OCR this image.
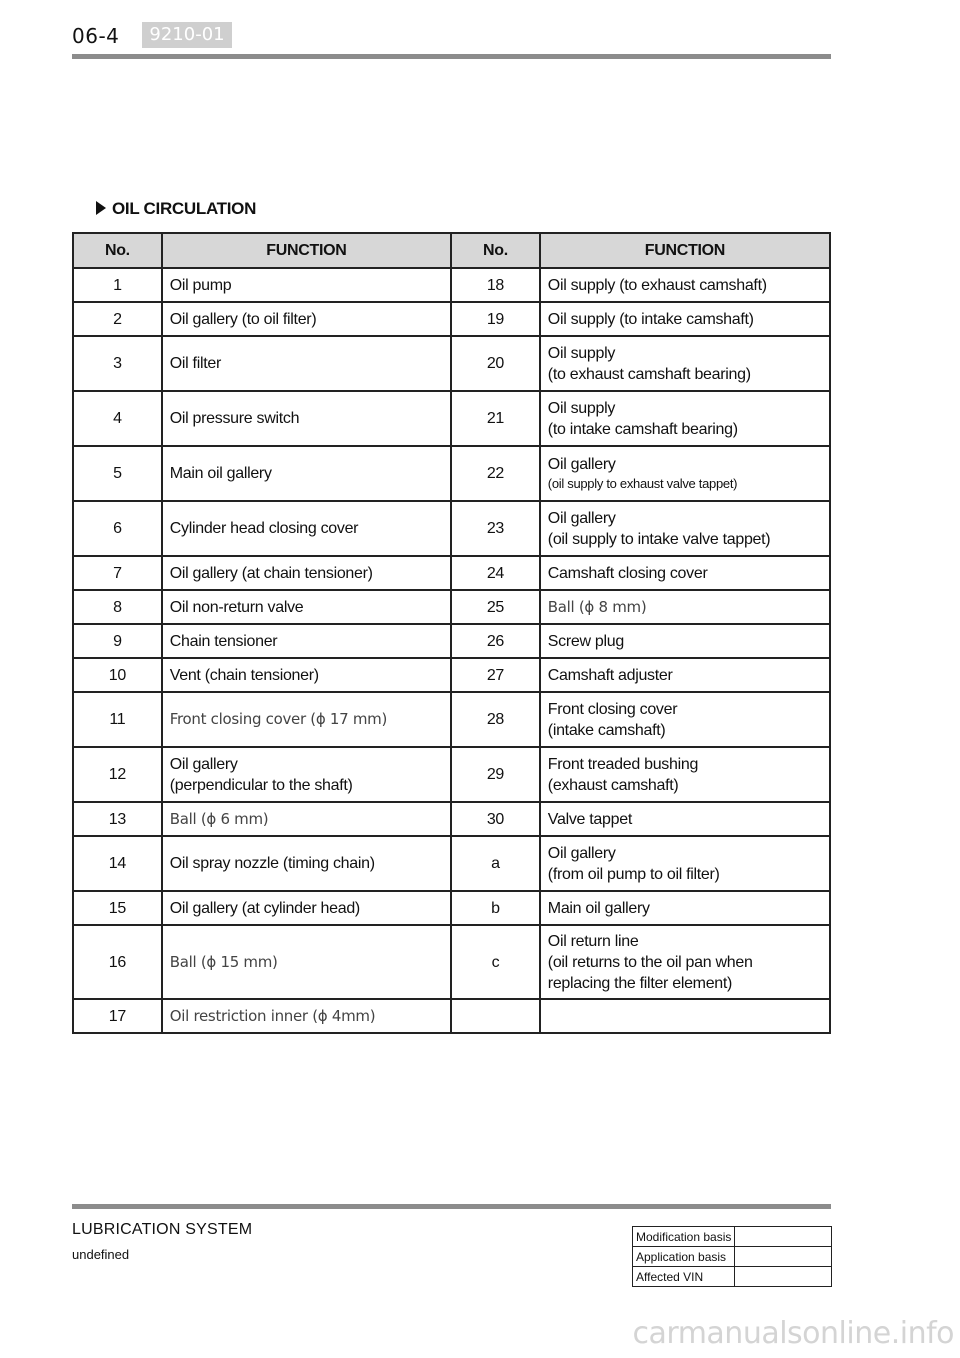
06-4	9210-01
OIL CIRCULATION
No.	FUNCTION	No.	FUNCTION
1	Oil pump	18	Oil supply (to exhaust camshaft)
2	Oil gallery (to oil filter)	19	Oil supply (to intake camshaft)
3	Oil filter	20	Oil supply
(to exhaust camshaft bearing)
4	Oil pressure switch	21	Oil supply
(to intake camshaft bearing)
5	Main oil gallery	22	Oil gallery
(oil supply to exhaust valve tappet)

6	Cylinder head closing cover	23	Oil gallery
(oil supply to intake valve tappet)
7	Oil gallery (at chain tensioner)	24	Camshaft closing cover
8	Oil non-return valve	25	Ball (ϕ 8 mm)
9	Chain tensioner	26	Screw plug
10	Vent (chain tensioner)	27	Camshaft adjuster
11	Front closing cover (ϕ 17 mm)	28	Front closing cover
(intake camshaft)
12	Oil gallery
(perpendicular to the shaft)	29	Front treaded bushing
(exhaust camshaft)
13	Ball (ϕ 6 mm)	30	Valve tappet
14	Oil spray nozzle (timing chain)	a	Oil gallery
(from oil pump to oil filter)
15	Oil gallery (at cylinder head)	b	Main oil gallery
16	Ball (ϕ 15 mm)	c	Oil return line
(oil returns to the oil pan when
replacing the filter element)
17	Oil restriction inner (ϕ 4mm)		
LUBRICATION SYSTEM
undefined
Modification basis	
Application basis	
Affected VIN	
carmanualsonline.info
